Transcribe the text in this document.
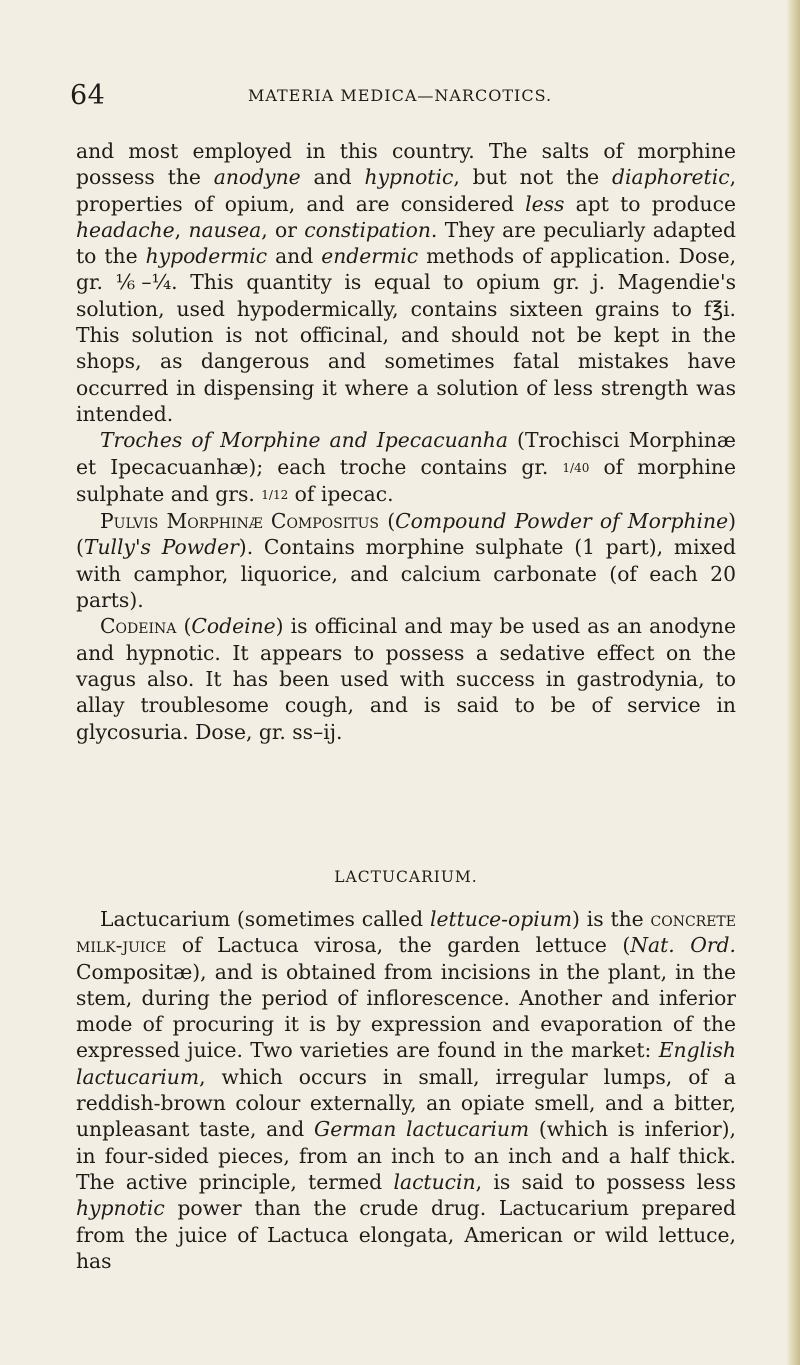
64	MATERIA MEDICA—NARCOTICS.

and most employed in this country. The salts of morphine possess the anodyne and hypnotic, but not the diaphoretic, properties of opium, and are considered less apt to produce headache, nausea, or constipation. They are peculiarly adapted to the hypodermic and endermic methods of application. Dose, gr. ⅙–¼. This quantity is equal to opium gr. j. Magendie's solution, used hypodermically, contains sixteen grains to f℥i. This solution is not officinal, and should not be kept in the shops, as dangerous and sometimes fatal mistakes have occurred in dispensing it where a solution of less strength was intended.

Troches of Morphine and Ipecacuanha (Trochisci Morphinæ et Ipecacuanhæ); each troche contains gr. 1/40 of morphine sulphate and grs. 1/12 of ipecac.

Pulvis Morphinæ Compositus (Compound Powder of Morphine) (Tully's Powder). Contains morphine sulphate (1 part), mixed with camphor, liquorice, and calcium carbonate (of each 20 parts).

Codeina (Codeine) is officinal and may be used as an anodyne and hypnotic. It appears to possess a sedative effect on the vagus also. It has been used with success in gastrodynia, to allay troublesome cough, and is said to be of service in glycosuria. Dose, gr. ss–ij.

LACTUCARIUM.

Lactucarium (sometimes called lettuce-opium) is the concrete milk-juice of Lactuca virosa, the garden lettuce (Nat. Ord. Compositæ), and is obtained from incisions in the plant, in the stem, during the period of inflorescence. Another and inferior mode of procuring it is by expression and evaporation of the expressed juice. Two varieties are found in the market: English lactucarium, which occurs in small, irregular lumps, of a reddish-brown colour externally, an opiate smell, and a bitter, unpleasant taste, and German lactucarium (which is inferior), in four-sided pieces, from an inch to an inch and a half thick. The active principle, termed lactucin, is said to possess less hypnotic power than the crude drug. Lactucarium prepared from the juice of Lactuca elongata, American or wild lettuce, has
